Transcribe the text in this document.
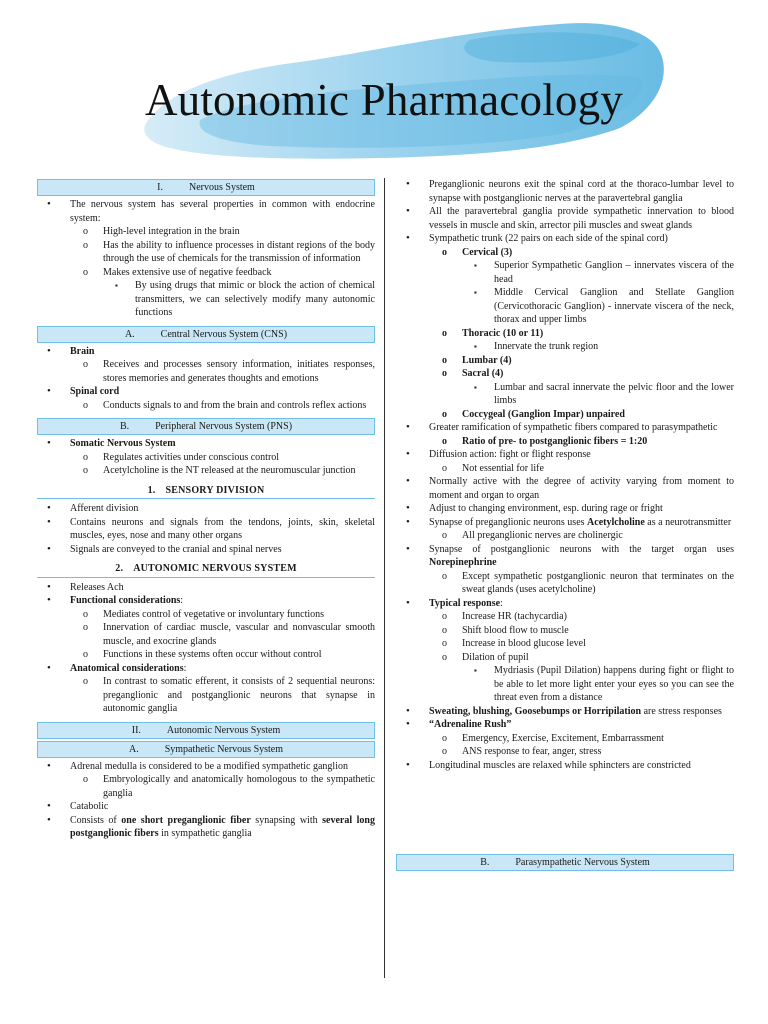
Autonomic Pharmacology
I.	Nervous System
• The nervous system has several properties in common with endocrine system:
o High-level integration in the brain
o Has the ability to influence processes in distant regions of the body through the use of chemicals for the transmission of information
o Makes extensive use of negative feedback
▪ By using drugs that mimic or block the action of chemical transmitters, we can selectively modify many autonomic functions
A.	Central Nervous System (CNS)
• Brain
o Receives and processes sensory information, initiates responses, stores memories and generates thoughts and emotions
• Spinal cord
o Conducts signals to and from the brain and controls reflex actions
B.	Peripheral Nervous System (PNS)
• Somatic Nervous System
o Regulates activities under conscious control
o Acetylcholine is the NT released at the neuromuscular junction
1. SENSORY DIVISION
• Afferent division
• Contains neurons and signals from the tendons, joints, skin, skeletal muscles, eyes, nose and many other organs
• Signals are conveyed to the cranial and spinal nerves
2. AUTONOMIC NERVOUS SYSTEM
• Releases Ach
• Functional considerations:
o Mediates control of vegetative or involuntary functions
o Innervation of cardiac muscle, vascular and nonvascular smooth muscle, and exocrine glands
o Functions in these systems often occur without control
• Anatomical considerations:
o In contrast to somatic efferent, it consists of 2 sequential neurons: preganglionic and postganglionic neurons that synapse in autonomic ganglia
II.	Autonomic Nervous System
A.	Sympathetic Nervous System
• Adrenal medulla is considered to be a modified sympathetic ganglion
o Embryologically and anatomically homologous to the sympathetic ganglia
• Catabolic
• Consists of one short preganglionic fiber synapsing with several long postganglionic fibers in sympathetic ganglia
• Preganglionic neurons exit the spinal cord at the thoraco-lumbar level to synapse with postganglionic nerves at the paravertebral ganglia
• All the paravertebral ganglia provide sympathetic innervation to blood vessels in muscle and skin, arrector pili muscles and sweat glands
• Sympathetic trunk (22 pairs on each side of the spinal cord)
o Cervical (3)
▪ Superior Sympathetic Ganglion – innervates viscera of the head
▪ Middle Cervical Ganglion and Stellate Ganglion (Cervicothoracic Ganglion) - innervate viscera of the neck, thorax and upper limbs
o Thoracic (10 or 11)
▪ Innervate the trunk region
o Lumbar (4)
o Sacral (4)
▪ Lumbar and sacral innervate the pelvic floor and the lower limbs
o Coccygeal (Ganglion Impar) unpaired
• Greater ramification of sympathetic fibers compared to parasympathetic
o Ratio of pre- to postganglionic fibers = 1:20
• Diffusion action: fight or flight response
o Not essential for life
• Normally active with the degree of activity varying from moment to moment and organ to organ
• Adjust to changing environment, esp. during rage or fright
• Synapse of preganglionic neurons uses Acetylcholine as a neurotransmitter
o All preganglionic nerves are cholinergic
• Synapse of postganglionic neurons with the target organ uses Norepinephrine
o Except sympathetic postganglionic neuron that terminates on the sweat glands (uses acetylcholine)
• Typical response:
o Increase HR (tachycardia)
o Shift blood flow to muscle
o Increase in blood glucose level
o Dilation of pupil
▪ Mydriasis (Pupil Dilation) happens during fight or flight to be able to let more light enter your eyes so you can see the threat even from a distance
• Sweating, blushing, Goosebumps or Horripilation are stress responses
• “Adrenaline Rush”
o Emergency, Exercise, Excitement, Embarrassment
o ANS response to fear, anger, stress
• Longitudinal muscles are relaxed while sphincters are constricted
B.	Parasympathetic Nervous System
